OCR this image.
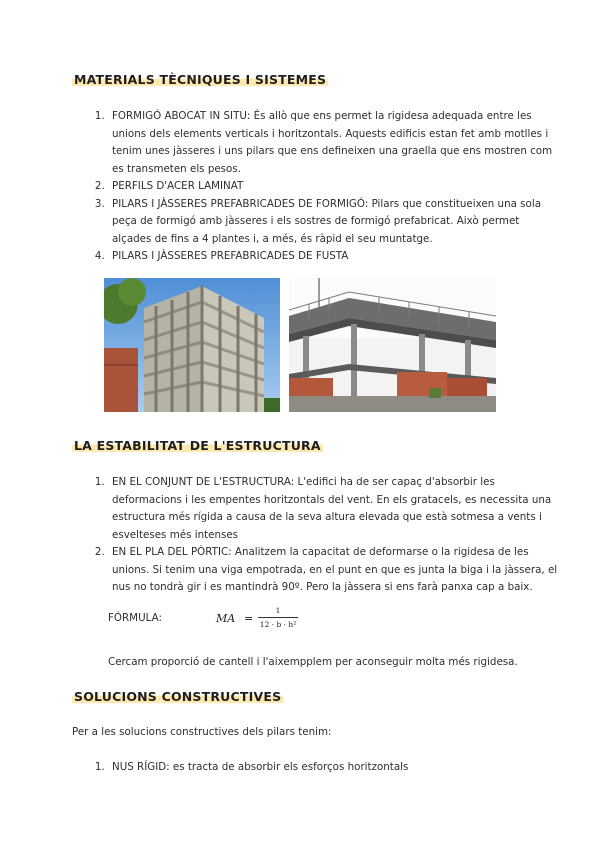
MATERIALS TÈCNIQUES I SISTEMES
1. FORMIGÓ ABOCAT IN SITU: És allò que ens permet la rigidesa adequada entre les unions dels elements verticals i horitzontals. Aquests edificis estan fet amb motlles i tenim unes jàsseres i uns pilars que ens defineixen una graella que ens mostren com es transmeten els pesos.
2. PERFILS D'ACER LAMINAT
3. PILARS I JÀSSERES PREFABRICADES DE FORMIGÓ: Pilars que constitueixen una sola peça de formigó amb jàsseres i els sostres de formigó prefabricat. Això permet alçades de fins a 4 plantes i, a més, és ràpid el seu muntatge.
4. PILARS I JÀSSERES PREFABRICADES DE FUSTA
LA ESTABILITAT DE L'ESTRUCTURA
1. EN EL CONJUNT DE L'ESTRUCTURA: L'edifici ha de ser capaç d'absorbir les deformacions i les empentes horitzontals del vent. En els gratacels, es necessita una estructura més rígida a causa de la seva altura elevada que està sotmesa a vents i esvelteses més intenses
2. EN EL PLA DEL PÒRTIC: Analitzem la capacitat de deformarse o la rigidesa de les unions. Si tenim una viga empotrada, en el punt en que es junta la biga i la jàssera, el nus no tondrà gir i es mantindrà 90º. Pero la jàssera si ens farà panxa cap a baix.
FÓRMULA:	MA =
1
12 · b · h²
Cercam proporció de cantell i l'aixempplem per aconseguir molta més rigidesa.
SOLUCIONS CONSTRUCTIVES
Per a les solucions constructives dels pilars tenim:
1. NUS RÍGID: es tracta de absorbir els esforços horitzontals
